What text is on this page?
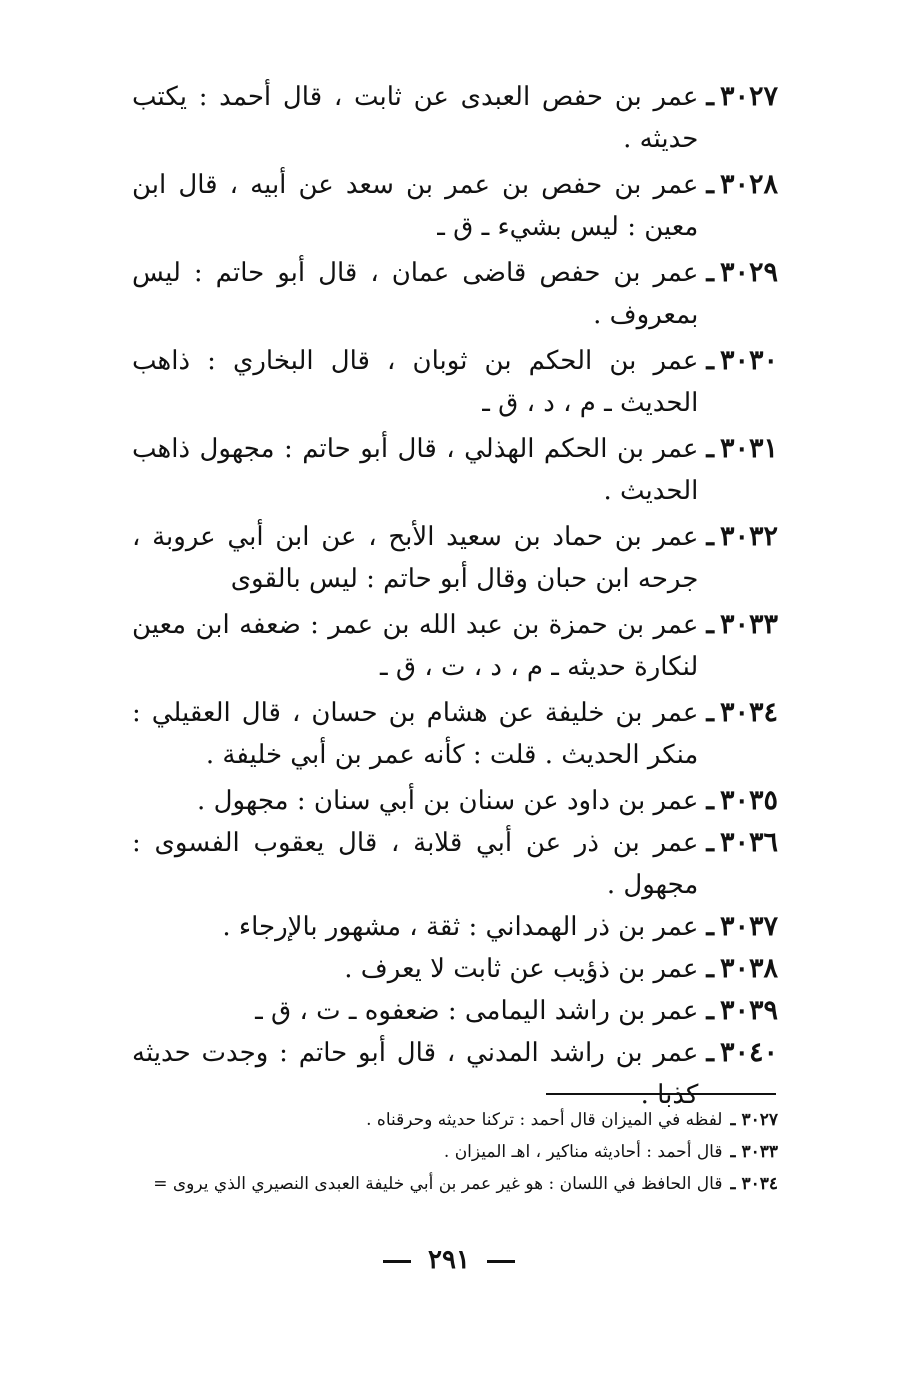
٣٠٢٧
ـ
عمر بن حفص العبدى عن ثابت ، قال أحمد : يكتب حديثه .
٣٠٢٨
ـ
عمر بن حفص بن عمر بن سعد عن أبيه ، قال ابن معين : ليس بشيء ـ ق ـ
٣٠٢٩
ـ
عمر بن حفص قاضى عمان ، قال أبو حاتم : ليس بمعروف .
٣٠٣٠
ـ
عمر بن الحكم بن ثوبان ، قال البخاري : ذاهب الحديث ـ م ، د ، ق ـ
٣٠٣١
ـ
عمر بن الحكم الهذلي ، قال أبو حاتم : مجهول ذاهب الحديث .
٣٠٣٢
ـ
عمر بن حماد بن سعيد الأبح ، عن ابن أبي عروبة ، جرحه ابن حبان وقال أبو حاتم : ليس بالقوى
٣٠٣٣
ـ
عمر بن حمزة بن عبد الله بن عمر : ضعفه ابن معين لنكارة حديثه ـ م ، د ، ت ، ق ـ
٣٠٣٤
ـ
عمر بن خليفة عن هشام بن حسان ، قال العقيلي : منكر الحديث . قلت : كأنه عمر بن أبي خليفة .
٣٠٣٥
ـ
عمر بن داود عن سنان بن أبي سنان : مجهول .
٣٠٣٦
ـ
عمر بن ذر عن أبي قلابة ، قال يعقوب الفسوى : مجهول .
٣٠٣٧
ـ
عمر بن ذر الهمداني : ثقة ، مشهور بالإرجاء .
٣٠٣٨
ـ
عمر بن ذؤيب عن ثابت لا يعرف .
٣٠٣٩
ـ
عمر بن راشد اليمامى : ضعفوه ـ ت ، ق ـ
٣٠٤٠
ـ
عمر بن راشد المدني ، قال أبو حاتم : وجدت حديثه كذبا .
٣٠٢٧
ـ
لفظه في الميزان قال أحمد : تركنا حديثه وحرقناه .
٣٠٣٣
ـ
قال أحمد : أحاديثه مناكير ، اهـ الميزان .
٣٠٣٤
ـ
قال الحافظ في اللسان : هو غير عمر بن أبي خليفة العبدى النصيري الذي يروى =
٢٩١
